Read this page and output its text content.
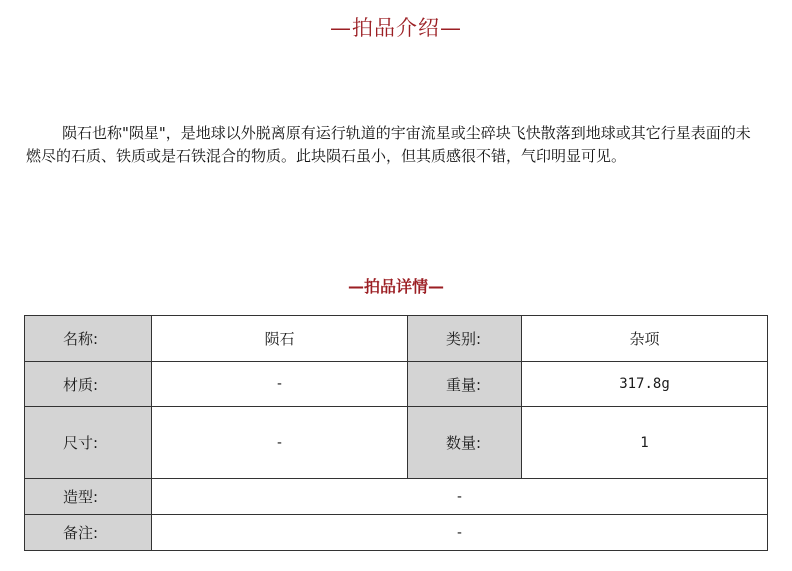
—拍品介绍—

陨石也称"陨星"，是地球以外脱离原有运行轨道的宇宙流星或尘碎块飞快散落到地球或其它行星表面的未燃尽的石质、铁质或是石铁混合的物质。此块陨石虽小，但其质感很不错，气印明显可见。

—拍品详情—
名称:	陨石	类别:	杂项
材质:	-	重量:	317.8g
尺寸:	-	数量:	1
造型:	-		
备注:	-		
